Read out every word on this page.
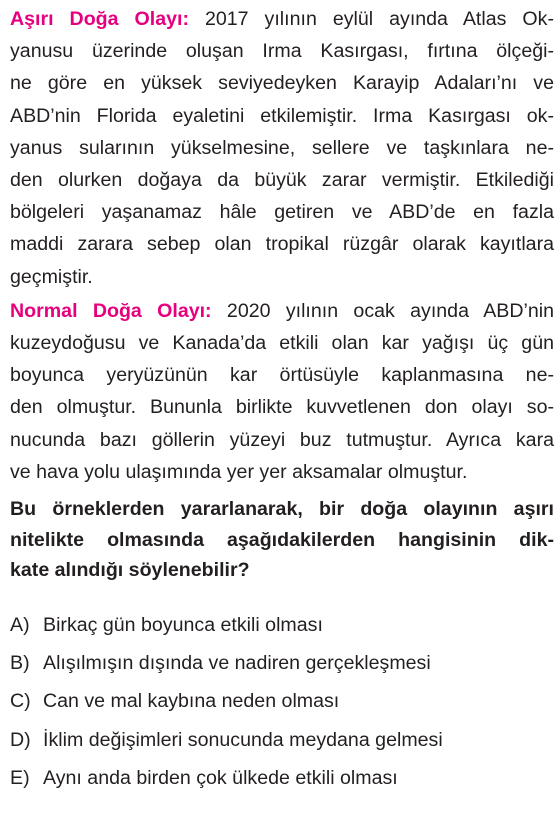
Aşırı Doğa Olayı: 2017 yılının eylül ayında Atlas Ok-
yanusu üzerinde oluşan Irma Kasırgası, fırtına ölçeği-
ne göre en yüksek seviyedeyken Karayip Adaları’nı ve
ABD’nin Florida eyaletini etkilemiştir. Irma Kasırgası ok-
yanus sularının yükselmesine, sellere ve taşkınlara ne-
den olurken doğaya da büyük zarar vermiştir. Etkilediği
bölgeleri yaşanamaz hâle getiren ve ABD’de en fazla
maddi zarara sebep olan tropikal rüzgâr olarak kayıtlara
geçmiştir.
Normal Doğa Olayı: 2020 yılının ocak ayında ABD’nin
kuzeydoğusu ve Kanada’da etkili olan kar yağışı üç gün
boyunca yeryüzünün kar örtüsüyle kaplanmasına ne-
den olmuştur. Bununla birlikte kuvvetlenen don olayı so-
nucunda bazı göllerin yüzeyi buz tutmuştur. Ayrıca kara
ve hava yolu ulaşımında yer yer aksamalar olmuştur.
Bu örneklerden yararlanarak, bir doğa olayının aşırı
nitelikte olmasında aşağıdakilerden hangisinin dik-
kate alındığı söylenebilir?
A) Birkaç gün boyunca etkili olması
B) Alışılmışın dışında ve nadiren gerçekleşmesi
C) Can ve mal kaybına neden olması
D) İklim değişimleri sonucunda meydana gelmesi
E) Aynı anda birden çok ülkede etkili olması
